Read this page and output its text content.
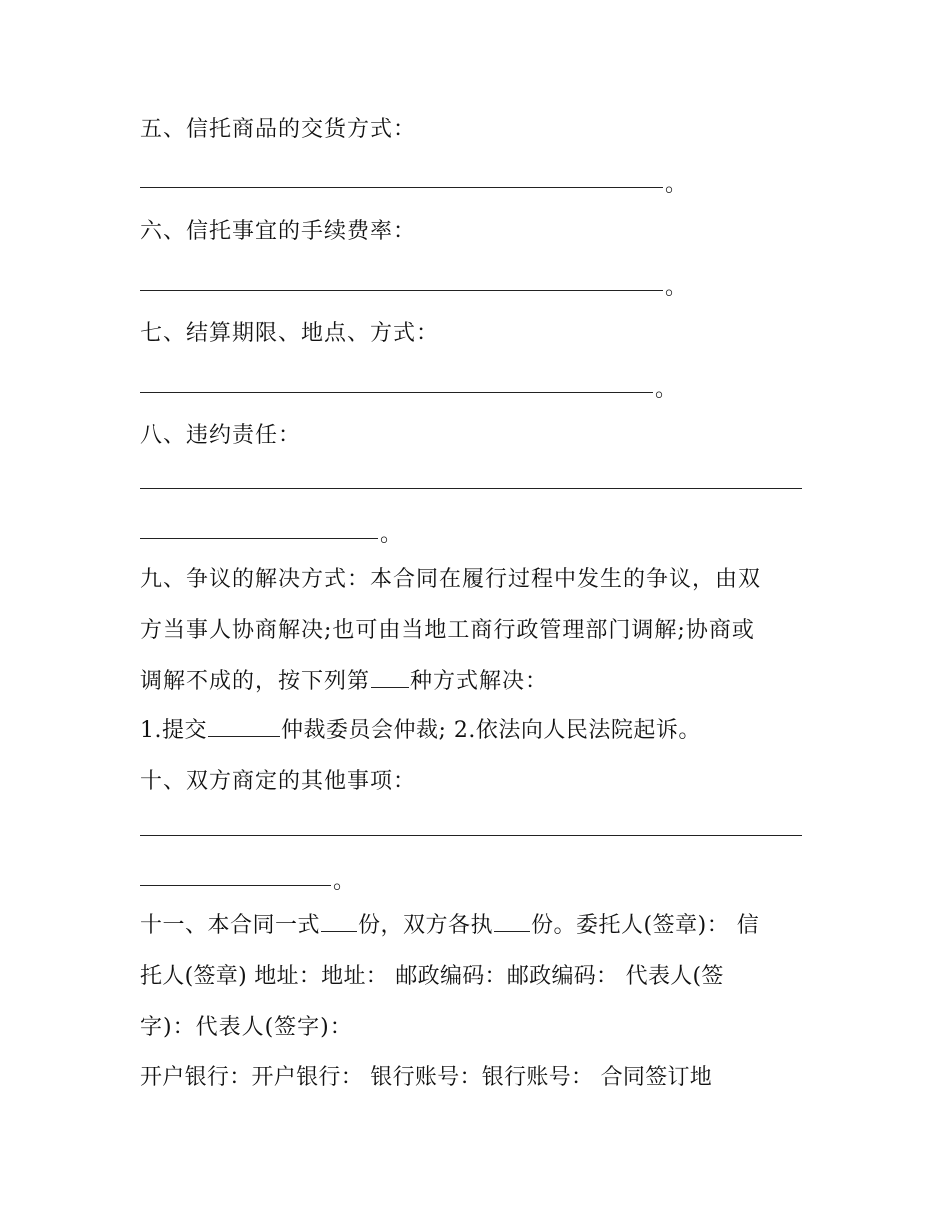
五、信托商品的交货方式：
。
六、信托事宜的手续费率：
。
七、结算期限、地点、方式：
。
八、违约责任：
。
九、争议的解决方式：本合同在履行过程中发生的争议，由双
方当事人协商解决;也可由当地工商行政管理部门调解;协商或
调解不成的，按下列第 种方式解决：
1.提交	仲裁委员会仲裁; 2.依法向人民法院起诉。
十、双方商定的其他事项：
。
十一、本合同一式 份，双方各执 份。委托人(签章)： 信
托人(签章) 地址：地址： 邮政编码：邮政编码： 代表人(签
字)：代表人(签字)：
开户银行：开户银行： 银行账号：银行账号： 合同签订地
